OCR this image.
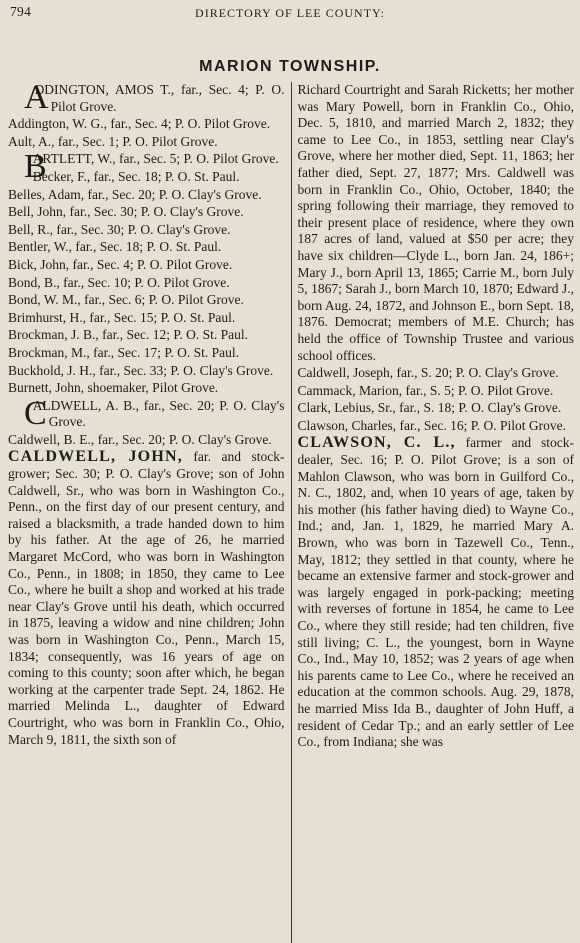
794	DIRECTORY OF LEE COUNTY:
MARION TOWNSHIP.

A
DDINGTON, AMOS T., far., Sec. 4; P. O. Pilot Grove.

Addington, W. G., far., Sec. 4; P. O. Pilot Grove.

Ault, A., far., Sec. 1; P. O. Pilot Grove.

B
ARTLETT, W., far., Sec. 5; P. O. Pilot Grove.

Becker, F., far., Sec. 18; P. O. St. Paul.

Belles, Adam, far., Sec. 20; P. O. Clay's Grove.

Bell, John, far., Sec. 30; P. O. Clay's Grove.

Bell, R., far., Sec. 30; P. O. Clay's Grove.

Bentler, W., far., Sec. 18; P. O. St. Paul.

Bick, John, far., Sec. 4; P. O. Pilot Grove.

Bond, B., far., Sec. 10; P. O. Pilot Grove.

Bond, W. M., far., Sec. 6; P. O. Pilot Grove.

Brimhurst, H., far., Sec. 15; P. O. St. Paul.

Brockman, J. B., far., Sec. 12; P. O. St. Paul.

Brockman, M., far., Sec. 17; P. O. St. Paul.

Buckhold, J. H., far., Sec. 33; P. O. Clay's Grove.

Burnett, John, shoemaker, Pilot Grove.

C
ALDWELL, A. B., far., Sec. 20; P. O. Clay's Grove.

Caldwell, B. E., far., Sec. 20; P. O. Clay's Grove.

CALDWELL, JOHN, far. and stock-grower; Sec. 30; P. O. Clay's Grove; son of John Caldwell, Sr., who was born in Washington Co., Penn., on the first day of our present century, and raised a blacksmith, a trade handed down to him by his father. At the age of 26, he married Margaret McCord, who was born in Washington Co., Penn., in 1808; in 1850, they came to Lee Co., where he built a shop and worked at his trade near Clay's Grove until his death, which occurred in 1875, leaving a widow and nine children; John was born in Washington Co., Penn., March 15, 1834; consequently, was 16 years of age on coming to this county; soon after which, he began working at the carpenter trade Sept. 24, 1862. He married Melinda L., daughter of Edward Courtright, who was born in Franklin Co., Ohio, March 9, 1811, the sixth son of

Richard Courtright and Sarah Ricketts; her mother was Mary Powell, born in Franklin Co., Ohio, Dec. 5, 1810, and married March 2, 1832; they came to Lee Co., in 1853, settling near Clay's Grove, where her mother died, Sept. 11, 1863; her father died, Sept. 27, 1877; Mrs. Caldwell was born in Franklin Co., Ohio, October, 1840; the spring following their marriage, they removed to their present place of residence, where they own 187 acres of land, valued at $50 per acre; they have six children—Clyde L., born Jan. 24, 186+; Mary J., born April 13, 1865; Carrie M., born July 5, 1867; Sarah J., born March 10, 1870; Edward J., born Aug. 24, 1872, and Johnson E., born Sept. 18, 1876. Democrat; members of M.E. Church; has held the office of Township Trustee and various school offices.

Caldwell, Joseph, far., S. 20; P. O. Clay's Grove.

Cammack, Marion, far., S. 5; P. O. Pilot Grove.

Clark, Lebius, Sr., far., S. 18; P. O. Clay's Grove.

Clawson, Charles, far., Sec. 16; P. O. Pilot Grove.

CLAWSON, C. L., farmer and stock-dealer, Sec. 16; P. O. Pilot Grove; is a son of Mahlon Clawson, who was born in Guilford Co., N. C., 1802, and, when 10 years of age, taken by his mother (his father having died) to Wayne Co., Ind.; and, Jan. 1, 1829, he married Mary A. Brown, who was born in Tazewell Co., Tenn., May, 1812; they settled in that county, where he became an extensive farmer and stock-grower and was largely engaged in pork-packing; meeting with reverses of fortune in 1854, he came to Lee Co., where they still reside; had ten children, five still living; C. L., the youngest, born in Wayne Co., Ind., May 10, 1852; was 2 years of age when his parents came to Lee Co., where he received an education at the common schools. Aug. 29, 1878, he married Miss Ida B., daughter of John Huff, a resident of Cedar Tp.; and an early settler of Lee Co., from Indiana; she was
